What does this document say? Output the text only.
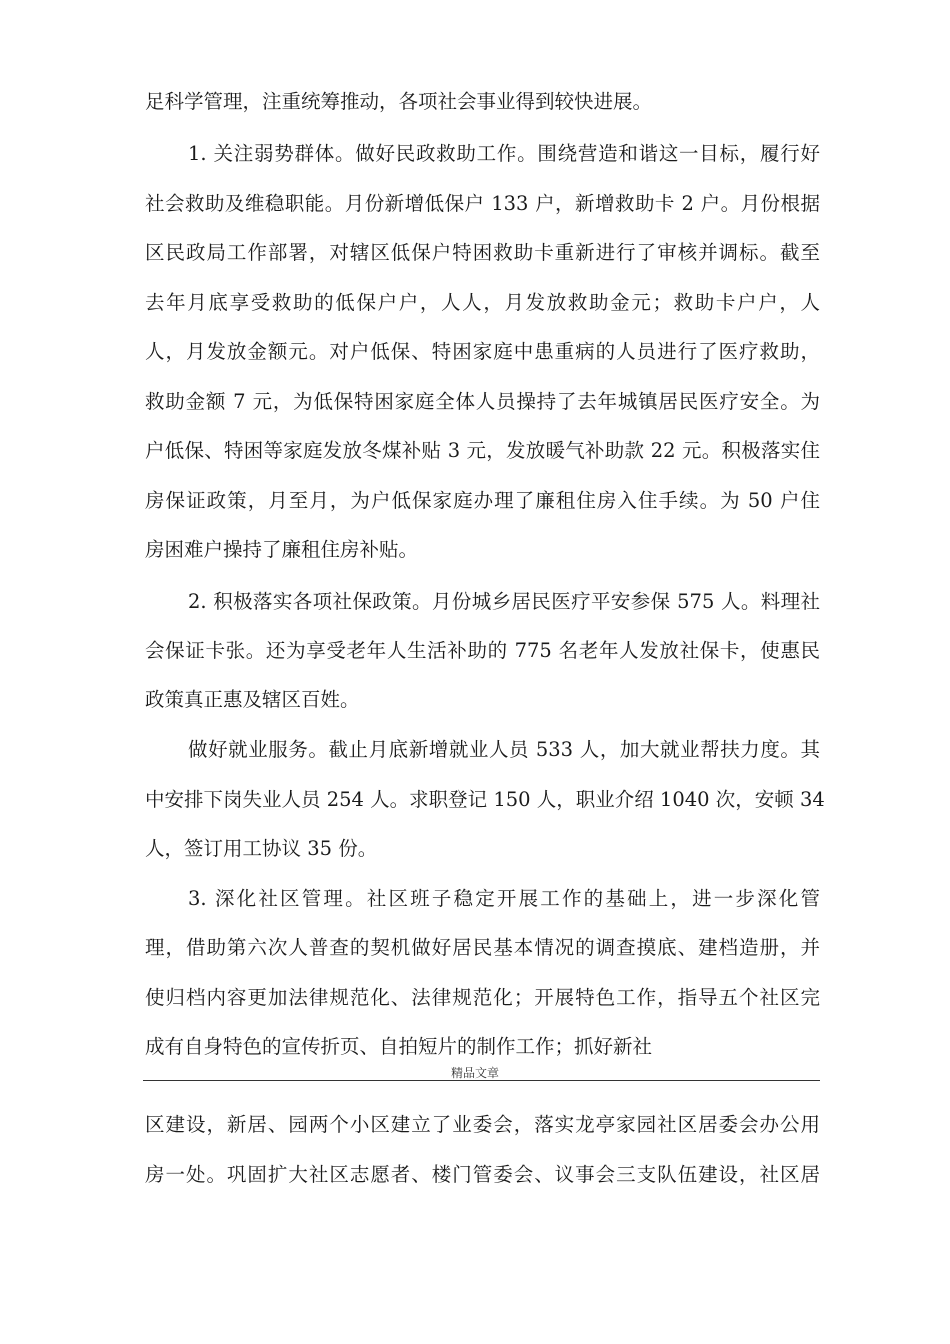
足科学管理，注重统筹推动，各项社会事业得到较快进展。
1. 关注弱势群体。做好民政救助工作。围绕营造和谐这一目标，履行好
社会救助及维稳职能。月份新增低保户 133 户，新增救助卡 2 户。月份根据
区民政局工作部署，对辖区低保户特困救助卡重新进行了审核并调标。截至
去年月底享受救助的低保户户，人人，月发放救助金元；救助卡户户，人
人，月发放金额元。对户低保、特困家庭中患重病的人员进行了医疗救助，
救助金额 7 元，为低保特困家庭全体人员操持了去年城镇居民医疗安全。为
户低保、特困等家庭发放冬煤补贴 3 元，发放暖气补助款 22 元。积极落实住
房保证政策，月至月，为户低保家庭办理了廉租住房入住手续。为 50 户住
房困难户操持了廉租住房补贴。
2. 积极落实各项社保政策。月份城乡居民医疗平安参保 575 人。料理社
会保证卡张。还为享受老年人生活补助的 775 名老年人发放社保卡，使惠民
政策真正惠及辖区百姓。
做好就业服务。截止月底新增就业人员 533 人，加大就业帮扶力度。其
中安排下岗失业人员 254 人。求职登记 150 人，职业介绍 1040 次，安顿 34
人，签订用工协议 35 份。
3. 深化社区管理。社区班子稳定开展工作的基础上，进一步深化管
理，借助第六次人普查的契机做好居民基本情况的调查摸底、建档造册，并
使归档内容更加法律规范化、法律规范化；开展特色工作，指导五个社区完
成有自身特色的宣传折页、自拍短片的制作工作；抓好新社
精品文章
区建设，新居、园两个小区建立了业委会，落实龙亭家园社区居委会办公用
房一处。巩固扩大社区志愿者、楼门管委会、议事会三支队伍建设，社区居
